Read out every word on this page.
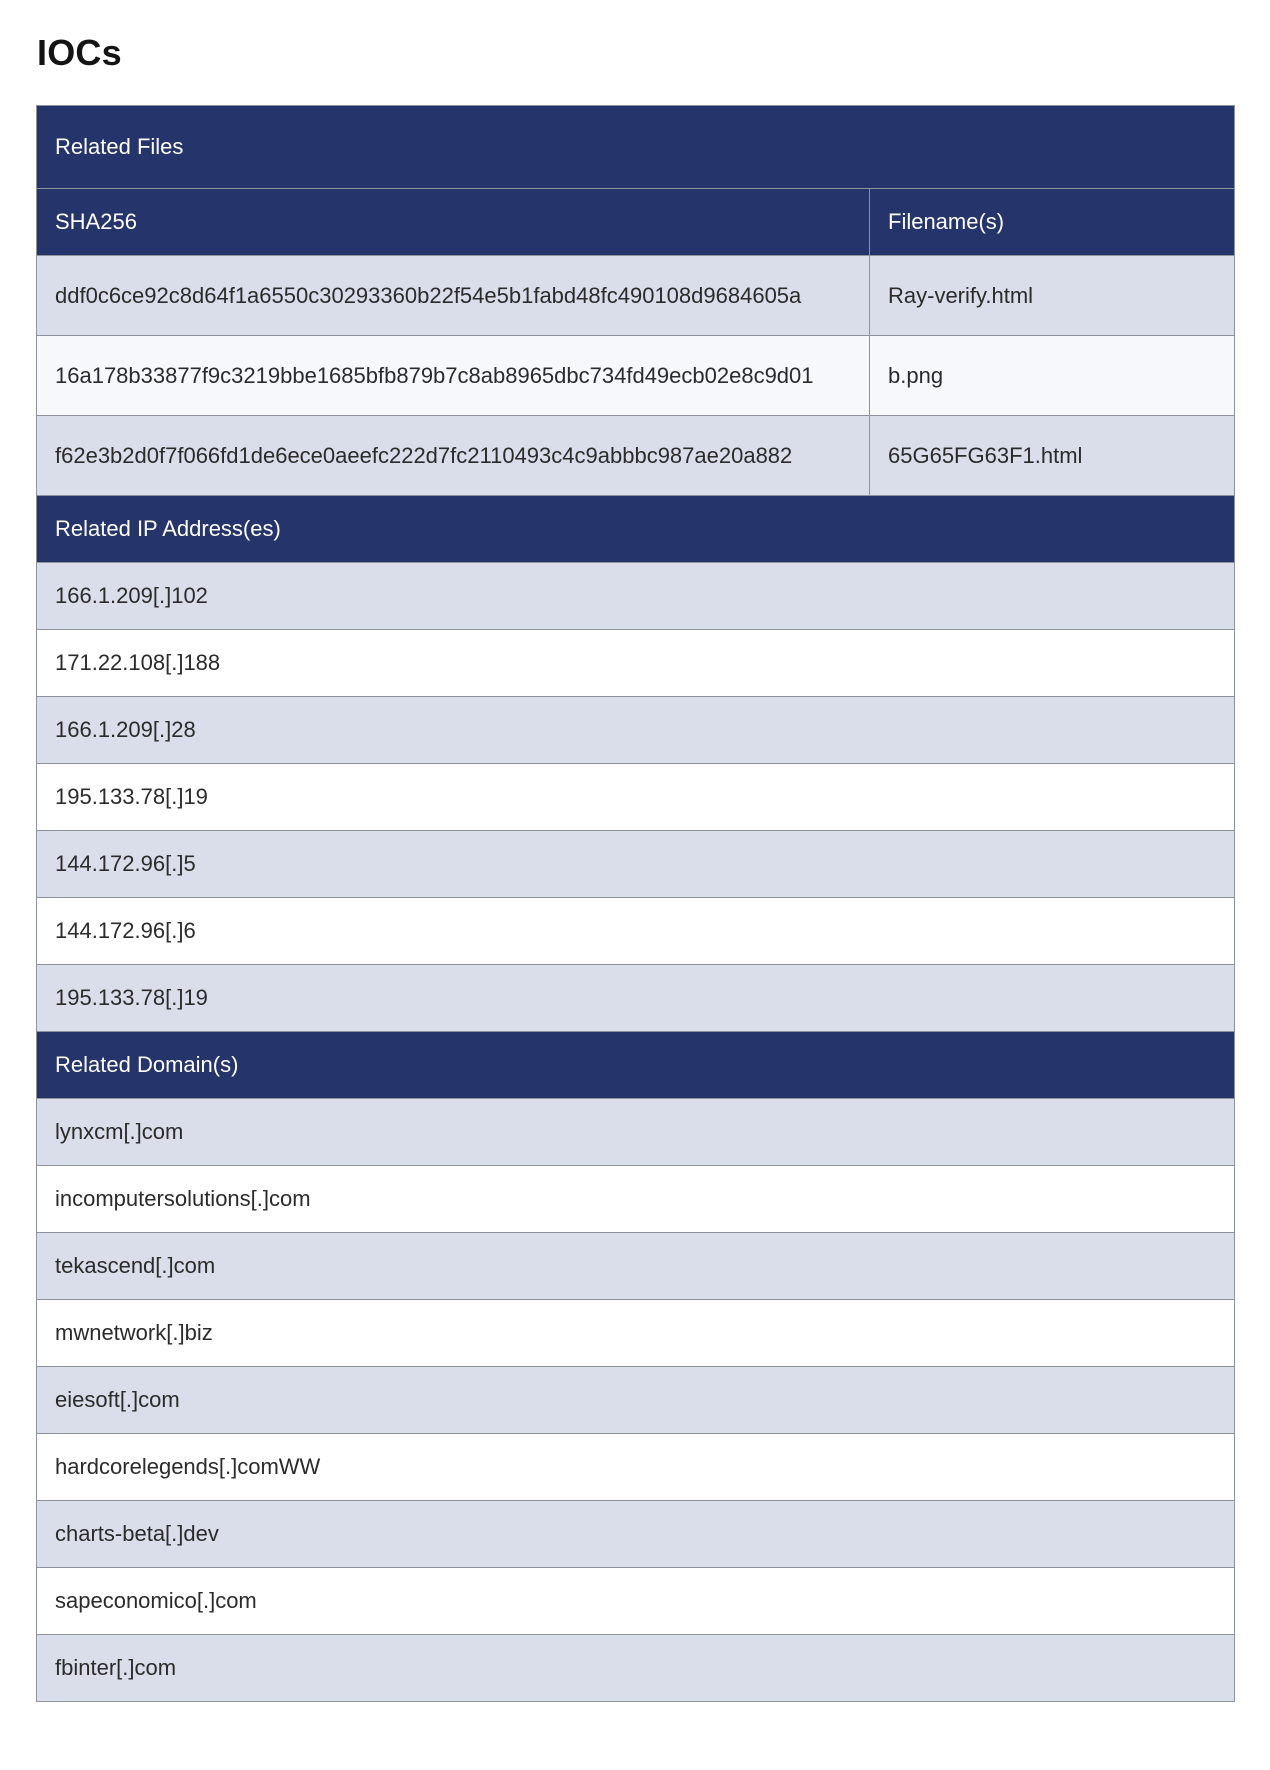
IOCs
Related Files	
SHA256	Filename(s)
ddf0c6ce92c8d64f1a6550c30293360b22f54e5b1fabd48fc490108d9684605a	Ray-verify.html
16a178b33877f9c3219bbe1685bfb879b7c8ab8965dbc734fd49ecb02e8c9d01	b.png
f62e3b2d0f7f066fd1de6ece0aeefc222d7fc2110493c4c9abbbc987ae20a882	65G65FG63F1.html
Related IP Address(es)	
166.1.209[.]102	
171.22.108[.]188	
166.1.209[.]28	
195.133.78[.]19	
144.172.96[.]5	
144.172.96[.]6	
195.133.78[.]19	
Related Domain(s)	
lynxcm[.]com	
incomputersolutions[.]com	
tekascend[.]com	
mwnetwork[.]biz	
eiesoft[.]com	
hardcorelegends[.]comWW	
charts-beta[.]dev	
sapeconomico[.]com	
fbinter[.]com	
